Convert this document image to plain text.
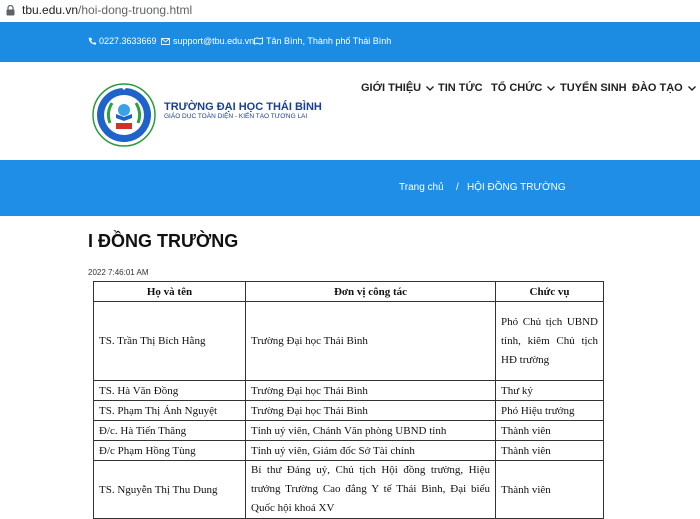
tbu.edu.vn/hoi-dong-truong.html
0227.3633669 support@tbu.edu.vn Tân Bình, Thành phố Thái Bình
TRƯỜNG ĐẠI HỌC THÁI BÌNH
GIÁO DỤC TOÀN DIỆN - KIẾN TẠO TƯƠNG LAI
GIỚI THIỆU TIN TỨC TỔ CHỨC TUYỂN SINH ĐÀO TẠO
Trang chủ / HỘI ĐỒNG TRƯỜNG
I ĐỒNG TRƯỜNG
2022 7:46:01 AM
Họ và tên	Đơn vị công tác	Chức vụ
TS. Trần Thị Bích Hằng	Trường Đại học Thái Bình	Phó Chủ tịch UBND tỉnh, kiêm Chủ tịch HĐ trường
TS. Hà Văn Đồng	Trường Đại học Thái Bình	Thư ký
TS. Phạm Thị Ánh Nguyệt	Trường Đại học Thái Bình	Phó Hiệu trưởng
Đ/c. Hà Tiến Thăng	Tỉnh uỷ viên, Chánh Văn phòng UBND tỉnh	Thành viên
Đ/c Phạm Hồng Tùng	Tỉnh uỷ viên, Giám đốc Sở Tài chính	Thành viên
TS. Nguyễn Thị Thu Dung	Bí thư Đảng uỷ, Chủ tịch Hội đồng trường, Hiệu trưởng Trường Cao đẳng Y tế Thái Bình, Đại biểu Quốc hội khoá XV	Thành viên
